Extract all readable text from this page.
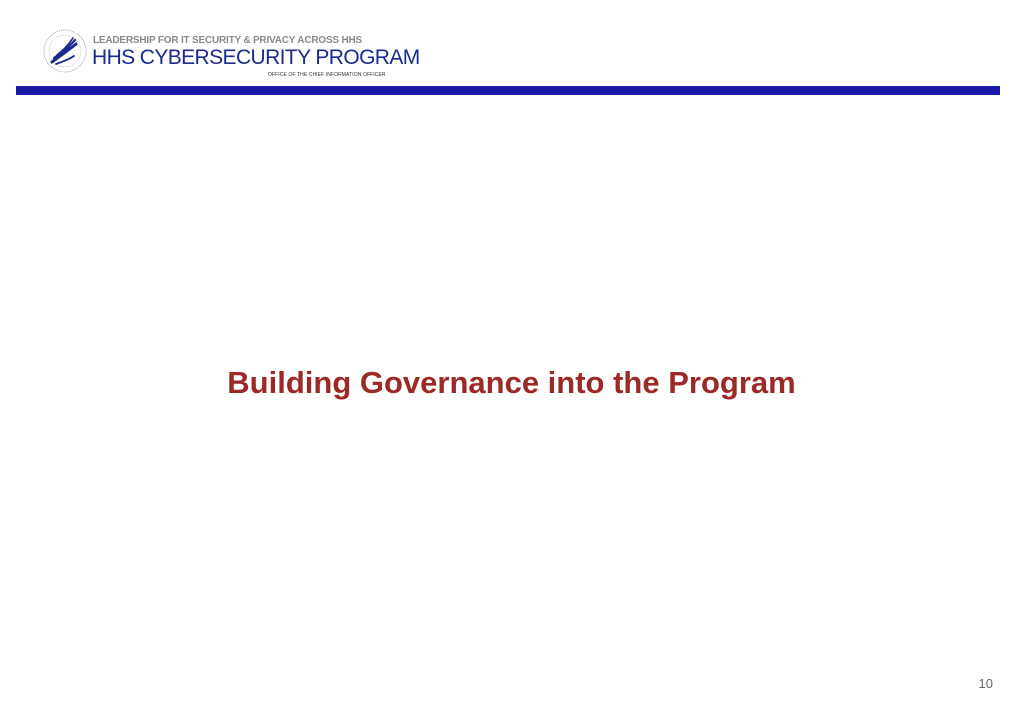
LEADERSHIP FOR IT SECURITY & PRIVACY ACROSS HHS
HHS CYBERSECURITY PROGRAM
OFFICE OF THE CHIEF INFORMATION OFFICER
Building Governance into the Program
10
